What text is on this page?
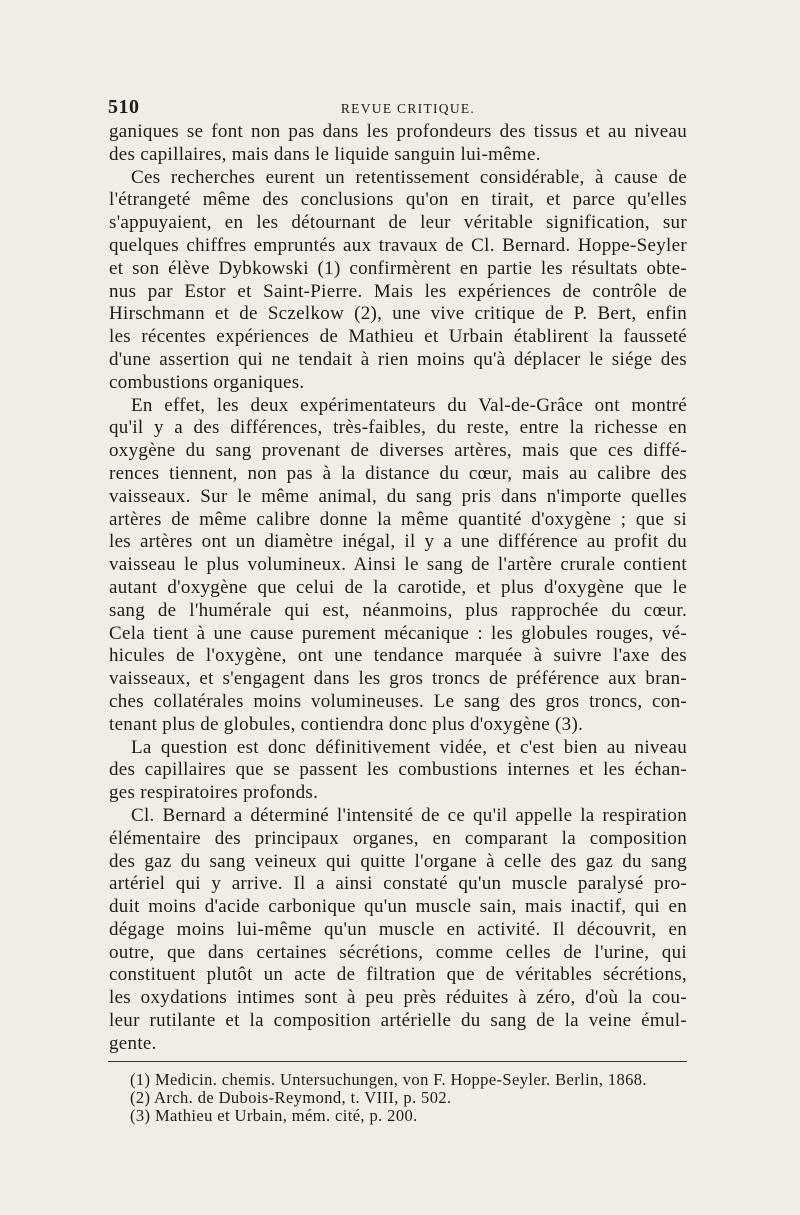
510	REVUE CRITIQUE.
ganiques se font non pas dans les profondeurs des tissus et au niveau
des capillaires, mais dans le liquide sanguin lui-même.
Ces recherches eurent un retentissement considérable, à cause de
l'étrangeté même des conclusions qu'on en tirait, et parce qu'elles
s'appuyaient, en les détournant de leur véritable signification, sur
quelques chiffres empruntés aux travaux de Cl. Bernard. Hoppe-Seyler
et son élève Dybkowski (1) confirmèrent en partie les résultats obte-
nus par Estor et Saint-Pierre. Mais les expériences de contrôle de
Hirschmann et de Sczelkow (2), une vive critique de P. Bert, enfin
les récentes expériences de Mathieu et Urbain établirent la fausseté
d'une assertion qui ne tendait à rien moins qu'à déplacer le siége des
combustions organiques.
En effet, les deux expérimentateurs du Val-de-Grâce ont montré
qu'il y a des différences, très-faibles, du reste, entre la richesse en
oxygène du sang provenant de diverses artères, mais que ces diffé-
rences tiennent, non pas à la distance du cœur, mais au calibre des
vaisseaux. Sur le même animal, du sang pris dans n'importe quelles
artères de même calibre donne la même quantité d'oxygène ; que si
les artères ont un diamètre inégal, il y a une différence au profit du
vaisseau le plus volumineux. Ainsi le sang de l'artère crurale contient
autant d'oxygène que celui de la carotide, et plus d'oxygène que le
sang de l'humérale qui est, néanmoins, plus rapprochée du cœur.
Cela tient à une cause purement mécanique : les globules rouges, vé-
hicules de l'oxygène, ont une tendance marquée à suivre l'axe des
vaisseaux, et s'engagent dans les gros troncs de préférence aux bran-
ches collatérales moins volumineuses. Le sang des gros troncs, con-
tenant plus de globules, contiendra donc plus d'oxygène (3).
La question est donc définitivement vidée, et c'est bien au niveau
des capillaires que se passent les combustions internes et les échan-
ges respiratoires profonds.
Cl. Bernard a déterminé l'intensité de ce qu'il appelle la respiration
élémentaire des principaux organes, en comparant la composition
des gaz du sang veineux qui quitte l'organe à celle des gaz du sang
artériel qui y arrive. Il a ainsi constaté qu'un muscle paralysé pro-
duit moins d'acide carbonique qu'un muscle sain, mais inactif, qui en
dégage moins lui-même qu'un muscle en activité. Il découvrit, en
outre, que dans certaines sécrétions, comme celles de l'urine, qui
constituent plutôt un acte de filtration que de véritables sécrétions,
les oxydations intimes sont à peu près réduites à zéro, d'où la cou-
leur rutilante et la composition artérielle du sang de la veine émul-
gente.
(1) Medicin. chemis. Untersuchungen, von F. Hoppe-Seyler. Berlin, 1868.
(2) Arch. de Dubois-Reymond, t. VIII, p. 502.
(3) Mathieu et Urbain, mém. cité, p. 200.
